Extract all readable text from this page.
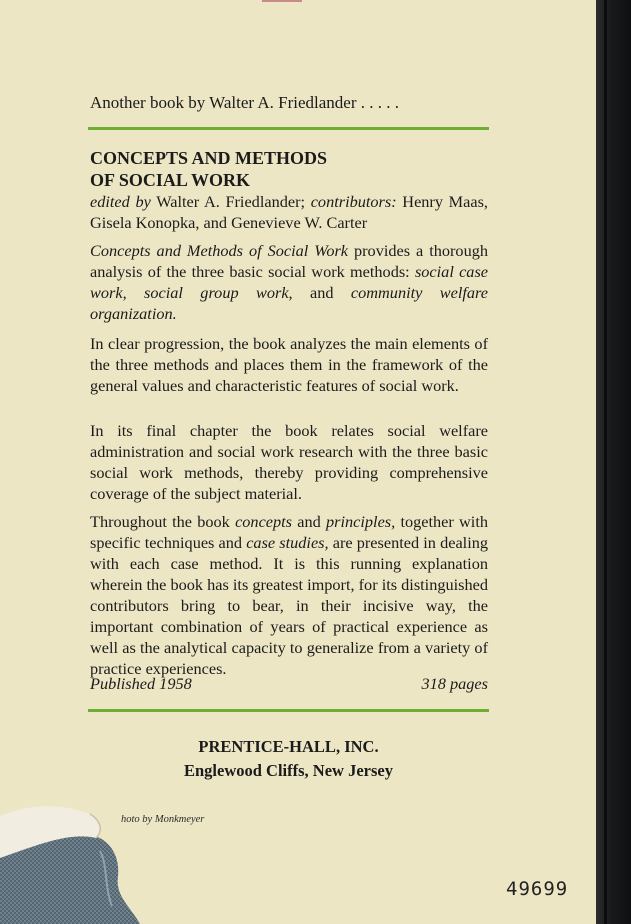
Another book by Walter A. Friedlander . . . . .
CONCEPTS AND METHODS
OF SOCIAL WORK
edited by Walter A. Friedlander; contributors: Henry Maas, Gisela Konopka, and Genevieve W. Carter
Concepts and Methods of Social Work provides a thorough analysis of the three basic social work methods: social case work, social group work, and community welfare organization.
In clear progression, the book analyzes the main elements of the three methods and places them in the framework of the general values and characteristic features of social work.
In its final chapter the book relates social welfare administration and social work research with the three basic social work methods, thereby providing comprehensive coverage of the subject material.
Throughout the book concepts and principles, together with specific techniques and case studies, are presented in dealing with each case method. It is this running explanation wherein the book has its greatest import, for its distinguished contributors bring to bear, in their incisive way, the important combination of years of practical experience as well as the analytical capacity to generalize from a variety of practice experiences.
Published 1958	318 pages
PRENTICE-HALL, INC.
Englewood Cliffs, New Jersey
hoto by Monkmeyer
49699
